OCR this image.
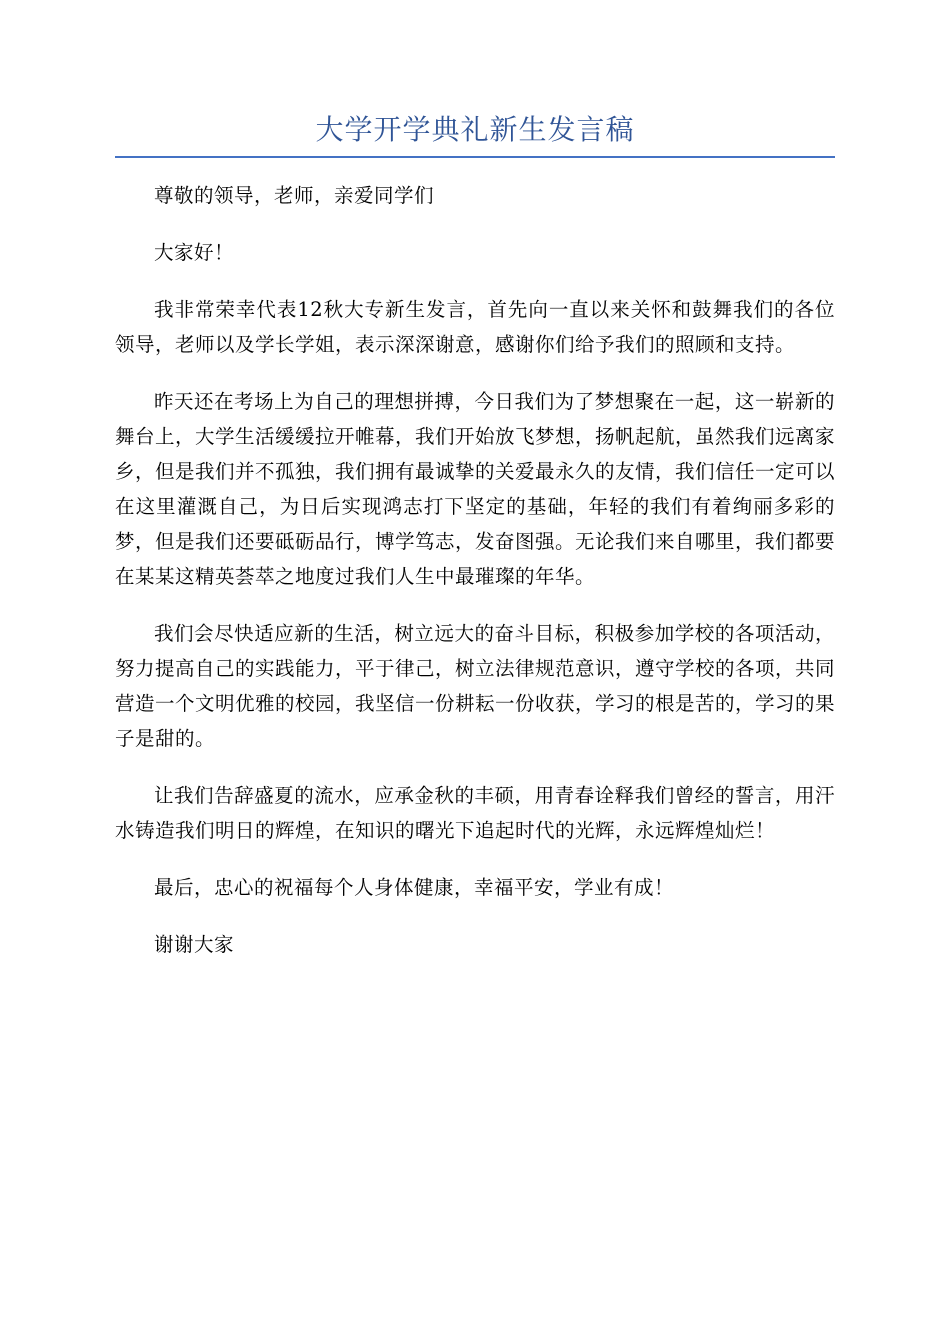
大学开学典礼新生发言稿

尊敬的领导，老师，亲爱同学们

大家好！

我非常荣幸代表12秋大专新生发言，首先向一直以来关怀和鼓舞我们的各位领导，老师以及学长学姐，表示深深谢意，感谢你们给予我们的照顾和支持。

昨天还在考场上为自己的理想拼搏，今日我们为了梦想聚在一起，这一崭新的舞台上，大学生活缓缓拉开帷幕，我们开始放飞梦想，扬帆起航，虽然我们远离家乡，但是我们并不孤独，我们拥有最诚挚的关爱最永久的友情，我们信任一定可以在这里灌溉自己，为日后实现鸿志打下坚定的基础，年轻的我们有着绚丽多彩的梦，但是我们还要砥砺品行，博学笃志，发奋图强。无论我们来自哪里，我们都要在某某这精英荟萃之地度过我们人生中最璀璨的年华。

我们会尽快适应新的生活，树立远大的奋斗目标，积极参加学校的各项活动，努力提高自己的实践能力，平于律己，树立法律规范意识，遵守学校的各项，共同营造一个文明优雅的校园，我坚信一份耕耘一份收获，学习的根是苦的，学习的果子是甜的。

让我们告辞盛夏的流水，应承金秋的丰硕，用青春诠释我们曾经的誓言，用汗水铸造我们明日的辉煌，在知识的曙光下追起时代的光辉，永远辉煌灿烂！

最后，忠心的祝福每个人身体健康，幸福平安，学业有成！

谢谢大家
